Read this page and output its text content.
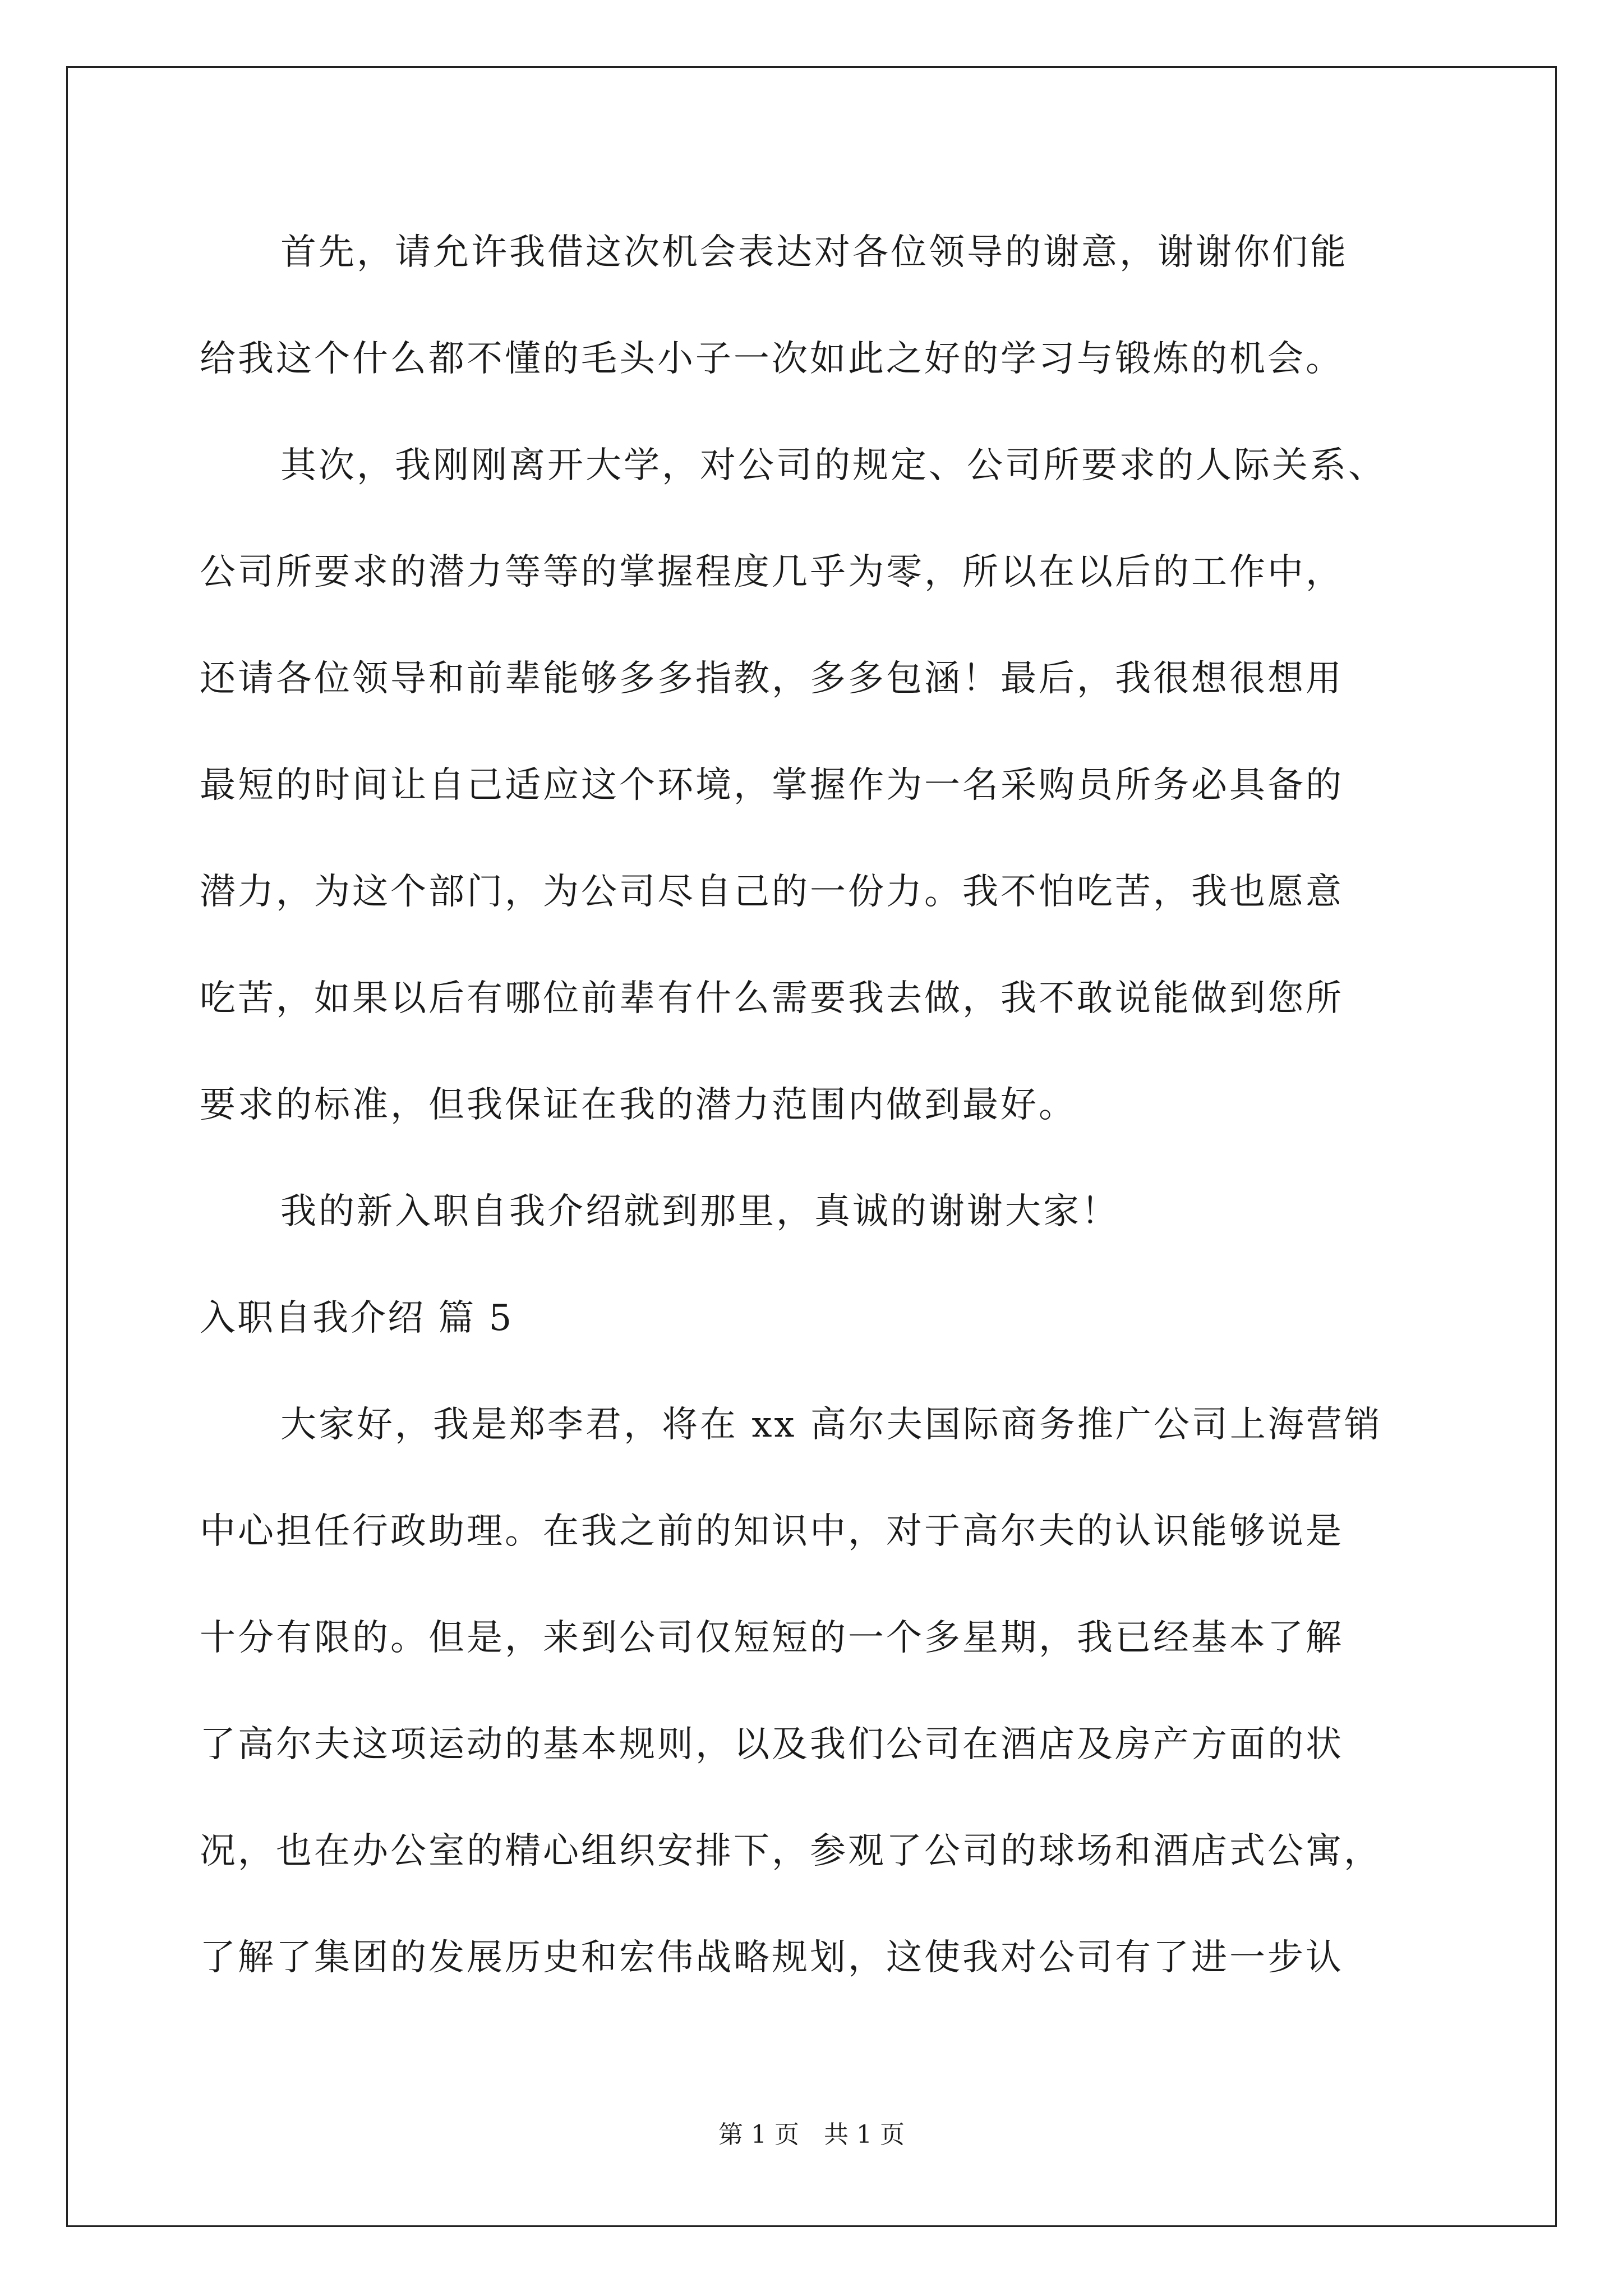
首先，请允许我借这次机会表达对各位领导的谢意，谢谢你们能
给我这个什么都不懂的毛头小子一次如此之好的学习与锻炼的机会。
其次，我刚刚离开大学，对公司的规定、公司所要求的人际关系、
公司所要求的潜力等等的掌握程度几乎为零，所以在以后的工作中，
还请各位领导和前辈能够多多指教，多多包涵！最后，我很想很想用
最短的时间让自己适应这个环境，掌握作为一名采购员所务必具备的
潜力，为这个部门，为公司尽自己的一份力。我不怕吃苦，我也愿意
吃苦，如果以后有哪位前辈有什么需要我去做，我不敢说能做到您所
要求的标准，但我保证在我的潜力范围内做到最好。
我的新入职自我介绍就到那里，真诚的谢谢大家！
入职自我介绍 篇 5
大家好，我是郑李君，将在 xx 高尔夫国际商务推广公司上海营销
中心担任行政助理。在我之前的知识中，对于高尔夫的认识能够说是
十分有限的。但是，来到公司仅短短的一个多星期，我已经基本了解
了高尔夫这项运动的基本规则，以及我们公司在酒店及房产方面的状
况，也在办公室的精心组织安排下，参观了公司的球场和酒店式公寓，
了解了集团的发展历史和宏伟战略规划，这使我对公司有了进一步认
第 1 页　共 1 页
